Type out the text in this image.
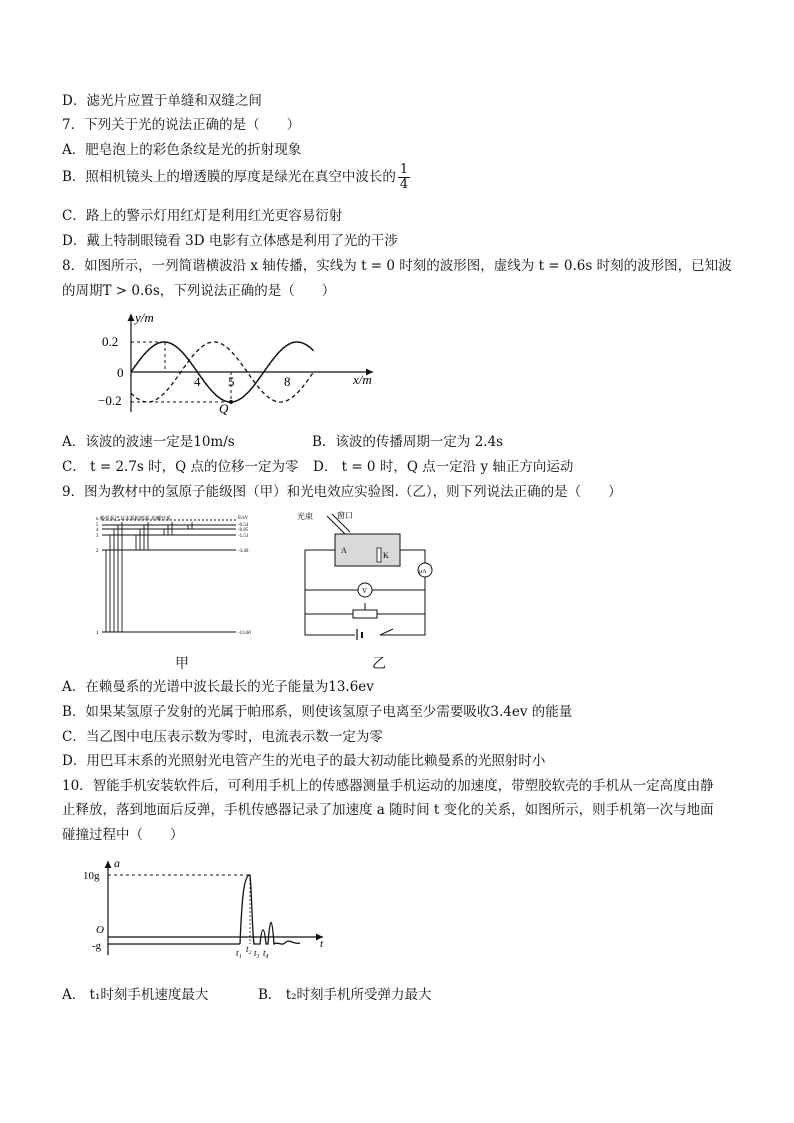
D．滤光片应置于单缝和双缝之间
7．下列关于光的说法正确的是（　　）
A．肥皂泡上的彩色条纹是光的折射现象
B．照相机镜头上的增透膜的厚度是绿光在真空中波长的 $\frac{1}{4}$
C．路上的警示灯用红灯是利用红光更容易衍射
D．戴上特制眼镜看 3D 电影有立体感是利用了光的干涉
8．如图所示，一列简谐横波沿 x 轴传播，实线为 t = 0 时刻的波形图，虚线为 t = 0.6s 时刻的波形图，已知波
的周期T > 0.6s，下列说法正确的是（　　）
y/m
x/m
0.2
−0.2
0
4 5	8
Q
A．该波的波速一定是10m/s	B．该波的传播周期一定为 2.4s
C． t = 2.7s 时，Q 点的位移一定为零 D． t = 0 时，Q 点一定沿 y 轴正方向运动
9．图为教材中的氢原子能级图（甲）和光电效应实验图.（乙），则下列说法正确的是（　　）
n 赖曼系巴耳末系帕邢系 布喇开系	E/eV
-0.54
-0.85
-1.51
-3.40
-13.60
5
4
3
2
1
甲
光束	窗口
A
K
μA
V
乙
A．在赖曼系的光谱中波长最长的光子能量为13.6ev
B．如果某氢原子发射的光属于帕邢系，则使该氢原子电离至少需要吸收3.4ev 的能量
C．当乙图中电压表示数为零时，电流表示数一定为零
D．用巴耳末系的光照射光电管产生的光电子的最大初动能比赖曼系的光照射时小
10．智能手机安装软件后，可利用手机上的传感器测量手机运动的加速度，带塑胶软壳的手机从一定高度由静
止释放，落到地面后反弹，手机传感器记录了加速度 a 随时间 t 变化的关系，如图所示，则手机第一次与地面
碰撞过程中（　　）
a
10g
O
-g	t
t₁ t₂ t₃ t₄
A． t₁时刻手机速度最大	B． t₂时刻手机所受弹力最大
